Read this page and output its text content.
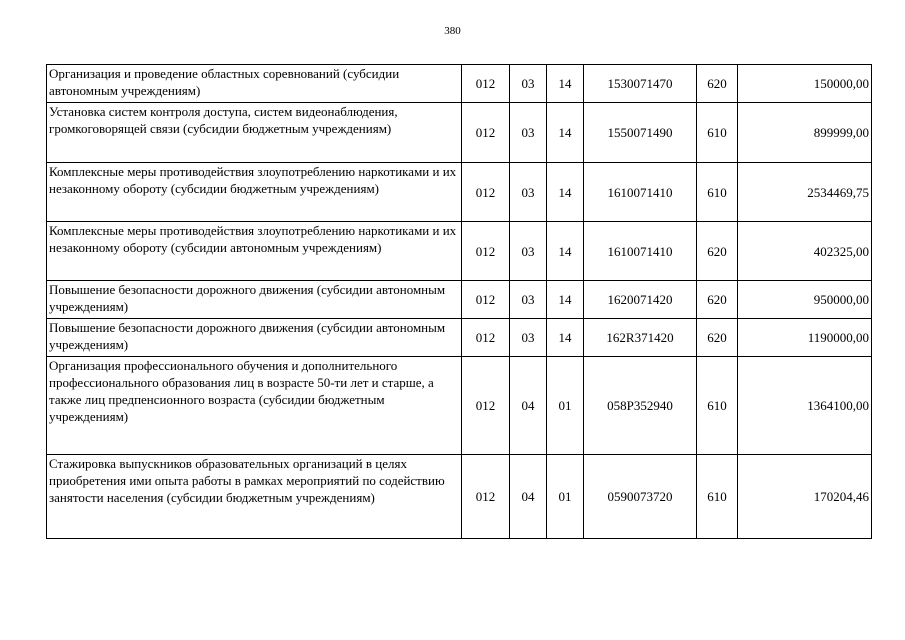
380
Организация и проведение областных соревнований (субсидии автономным учреждениям)	012	03	14	1530071470	620	150000,00
Установка систем контроля доступа, систем видеонаблюдения, громкоговорящей связи (субсидии бюджетным учреждениям)	012	03	14	1550071490	610	899999,00
Комплексные меры противодействия злоупотреблению наркотиками и их незаконному обороту (субсидии бюджетным учреждениям)	012	03	14	1610071410	610	2534469,75
Комплексные меры противодействия злоупотреблению наркотиками и их незаконному обороту (субсидии автономным учреждениям)	012	03	14	1610071410	620	402325,00
Повышение безопасности дорожного движения (субсидии автономным учреждениям)	012	03	14	1620071420	620	950000,00
Повышение безопасности дорожного движения (субсидии автономным учреждениям)	012	03	14	162R371420	620	1190000,00
Организация профессионального обучения и дополнительного профессионального образования лиц в возрасте 50-ти лет и старше, а также лиц предпенсионного возраста (субсидии бюджетным учреждениям)	012	04	01	058P352940	610	1364100,00
Стажировка выпускников образовательных организаций в целях приобретения ими опыта работы в рамках мероприятий по содействию занятости населения (субсидии бюджетным учреждениям)	012	04	01	0590073720	610	170204,46
